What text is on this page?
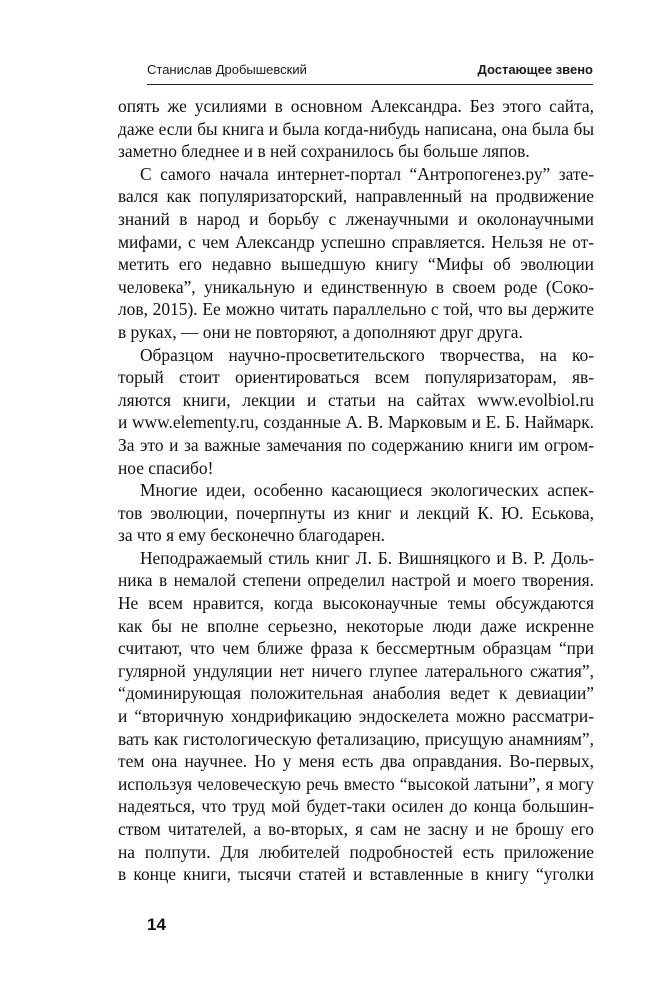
Станислав Дробышевский	Достающее звено
опять же усилиями в основном Александра. Без этого сайта,
даже если бы книга и была когда-нибудь написана, она была бы
заметно бледнее и в ней сохранилось бы больше ляпов.
С самого начала интернет-портал “Антропогенез.ру” зате-
вался как популяризаторский, направленный на продвижение
знаний в народ и борьбу с лженаучными и околонаучными
мифами, с чем Александр успешно справляется. Нельзя не от-
метить его недавно вышедшую книгу “Мифы об эволюции
человека”, уникальную и единственную в своем роде (Соко-
лов, 2015). Ее можно читать параллельно с той, что вы держите
в руках, — они не повторяют, а дополняют друг друга.
Образцом научно-просветительского творчества, на ко-
торый стоит ориентироваться всем популяризаторам, яв-
ляются книги, лекции и статьи на сайтах www.evolbiol.ru
и www.elementy.ru, созданные А. В. Марковым и Е. Б. Наймарк.
За это и за важные замечания по содержанию книги им огром-
ное спасибо!
Многие идеи, особенно касающиеся экологических аспек-
тов эволюции, почерпнуты из книг и лекций К. Ю. Еськова,
за что я ему бесконечно благодарен.
Неподражаемый стиль книг Л. Б. Вишняцкого и В. Р. Доль-
ника в немалой степени определил настрой и моего творения.
Не всем нравится, когда высоконаучные темы обсуждаются
как бы не вполне серьезно, некоторые люди даже искренне
считают, что чем ближе фраза к бессмертным образцам “при
гулярной ундуляции нет ничего глупее латерального сжатия”,
“доминирующая положительная анаболия ведет к девиации”
и “вторичную хондрификацию эндоскелета можно рассматри-
вать как гистологическую фетализацию, присущую анамниям”,
тем она научнее. Но у меня есть два оправдания. Во-первых,
используя человеческую речь вместо “высокой латыни”, я могу
надеяться, что труд мой будет-таки осилен до конца большин-
ством читателей, а во-вторых, я сам не засну и не брошу его
на полпути. Для любителей подробностей есть приложение
в конце книги, тысячи статей и вставленные в книгу “уголки
14
